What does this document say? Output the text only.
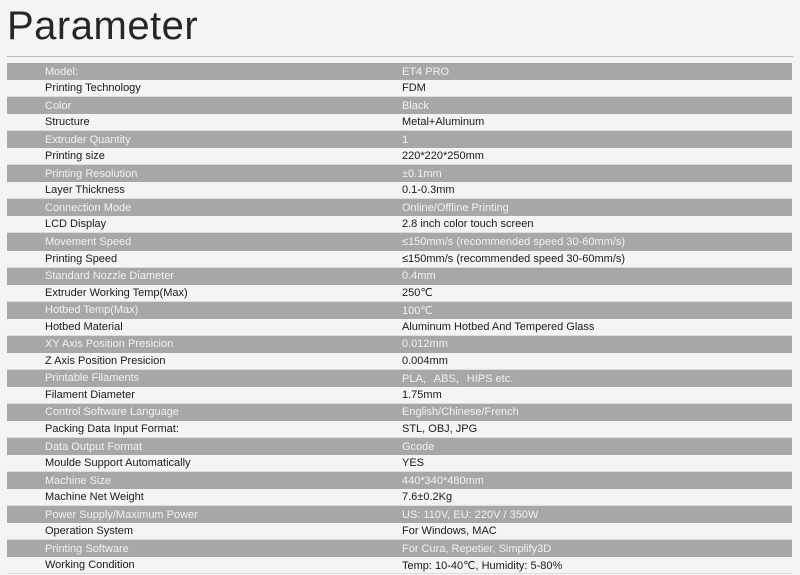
Parameter
Model:	ET4 PRO
Printing Technology	FDM
Color	Black
Structure	Metal+Aluminum
Extruder Quantity	1
Printing size	220*220*250mm
Printing Resolution	±0.1mm
Layer Thickness	0.1-0.3mm
Connection Mode	Online/Offline Printing
LCD Display	2.8 inch color touch screen
Movement Speed	≤150mm/s (recommended speed 30-60mm/s)
Printing Speed	≤150mm/s (recommended speed 30-60mm/s)
Standard Nozzle Diameter	0.4mm
Extruder Working Temp(Max)	250℃
Hotbed Temp(Max)	100℃
Hotbed Material	Aluminum Hotbed And Tempered Glass
XY Axis Position Presicion	0.012mm
Z Axis Position Presicion	0.004mm
Printable Filaments	PLA，ABS，HIPS etc.
Filament Diameter	1.75mm
Control Software Language	English/Chinese/French
Packing Data Input Format:	STL, OBJ, JPG
Data Output Format	Gcode
Moulde Support Automatically	YES
Machine Size	440*340*480mm
Machine Net Weight	7.6±0.2Kg
Power Supply/Maximum Power	US: 110V, EU: 220V / 350W
Operation System	For Windows, MAC
Printing Software	For Cura, Repetier, Simplify3D
Working Condition	Temp: 10-40℃, Humidity: 5-80%
